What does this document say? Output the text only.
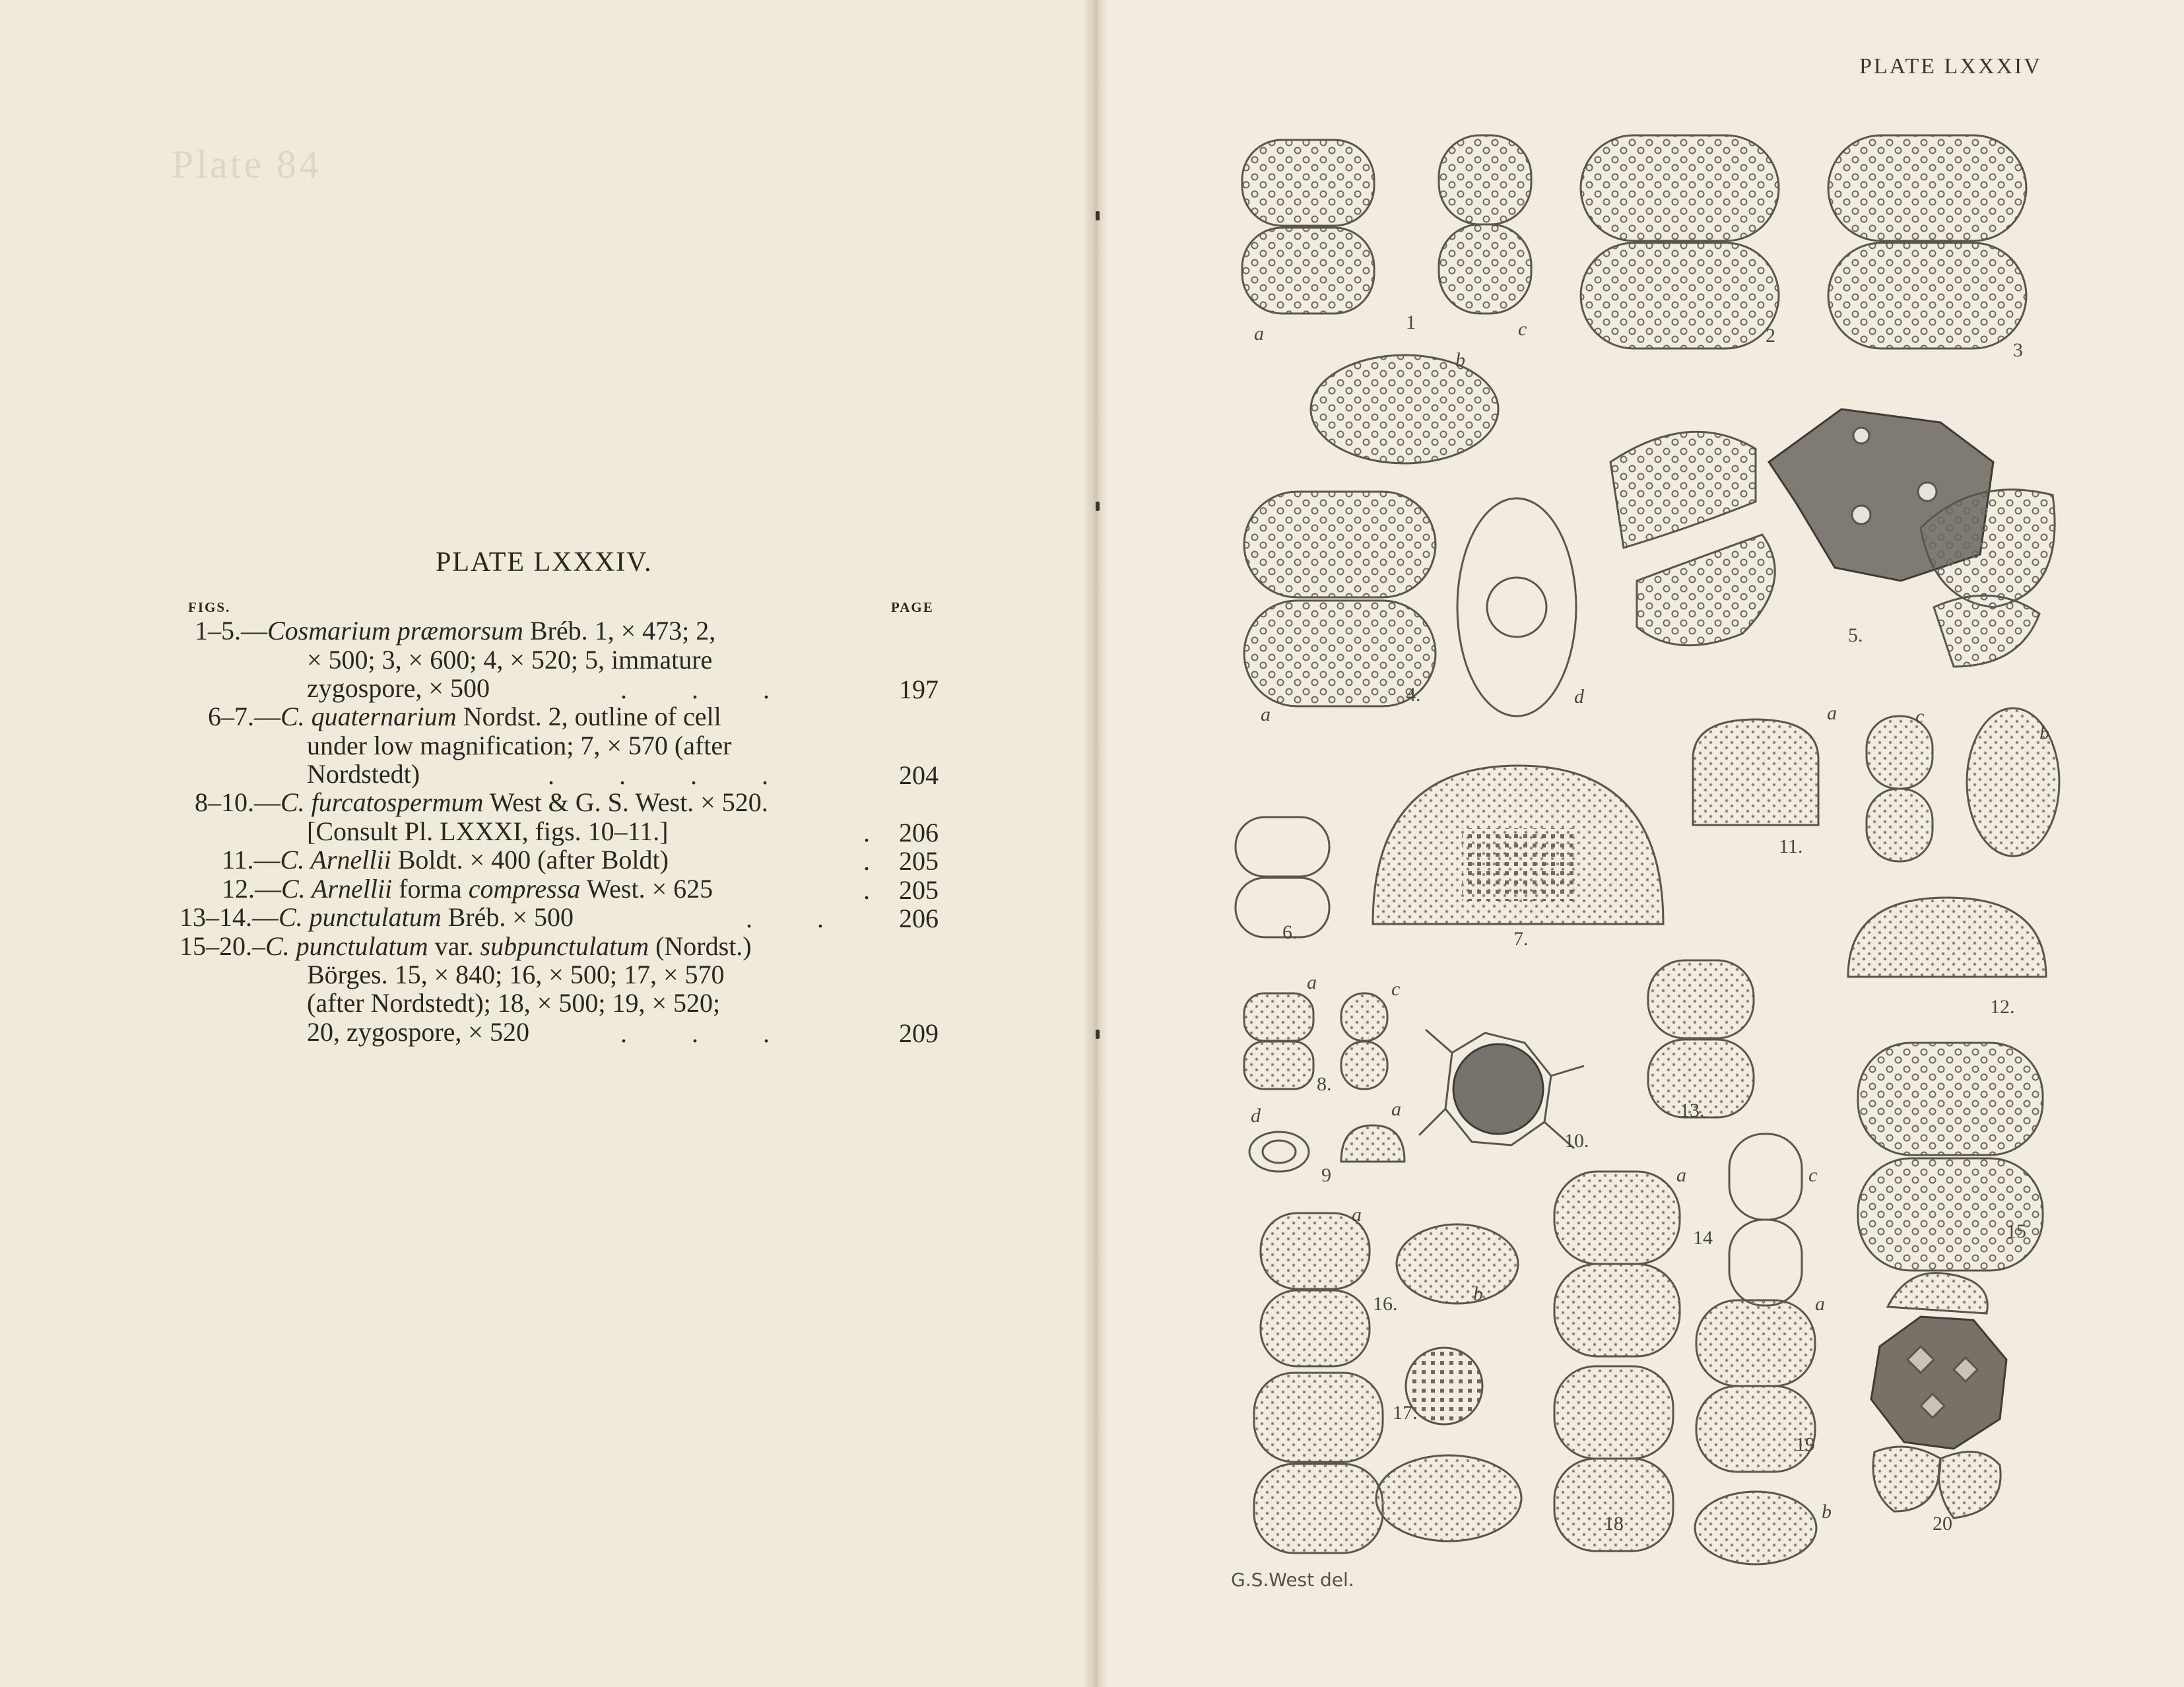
Plate 84
PLATE LXXXIV.
FIGS.	PAGE
1–5.—Cosmarium præmorsum Bréb. 1, × 473; 2,
× 500; 3, × 600; 4, × 520; 5, immature
zygospore, × 500	. . .	197
6–7.—C. quaternarium Nordst. 2, outline of cell
under low magnification; 7, × 570 (after
Nordstedt)	. . . .	204
8–10.—C. furcatospermum West & G. S. West. × 520.
[Consult Pl. LXXXI, figs. 10–11.]	. 206
11.—C. Arnellii Boldt. × 400 (after Boldt)	. 205
12.—C. Arnellii forma compressa West. × 625	. 205
13–14.—C. punctulatum Bréb. × 500	. .	206
15–20.–C. punctulatum var. subpunctulatum (Nordst.)
Börges. 15, × 840; 16, × 500; 17, × 570
(after Nordstedt); 18, × 500; 19, × 520;
20, zygospore, × 520	. . .	209
PLATE LXXXIV
1
a
b
c	2
3
4.
a
d
5.
6.	7.
11.
a
b
c
12.
8.
a	c
9
a
d
10.
13.
14
a	c
15
16.
a
b
17.
18
19
a
b
20
G.S.West del.
